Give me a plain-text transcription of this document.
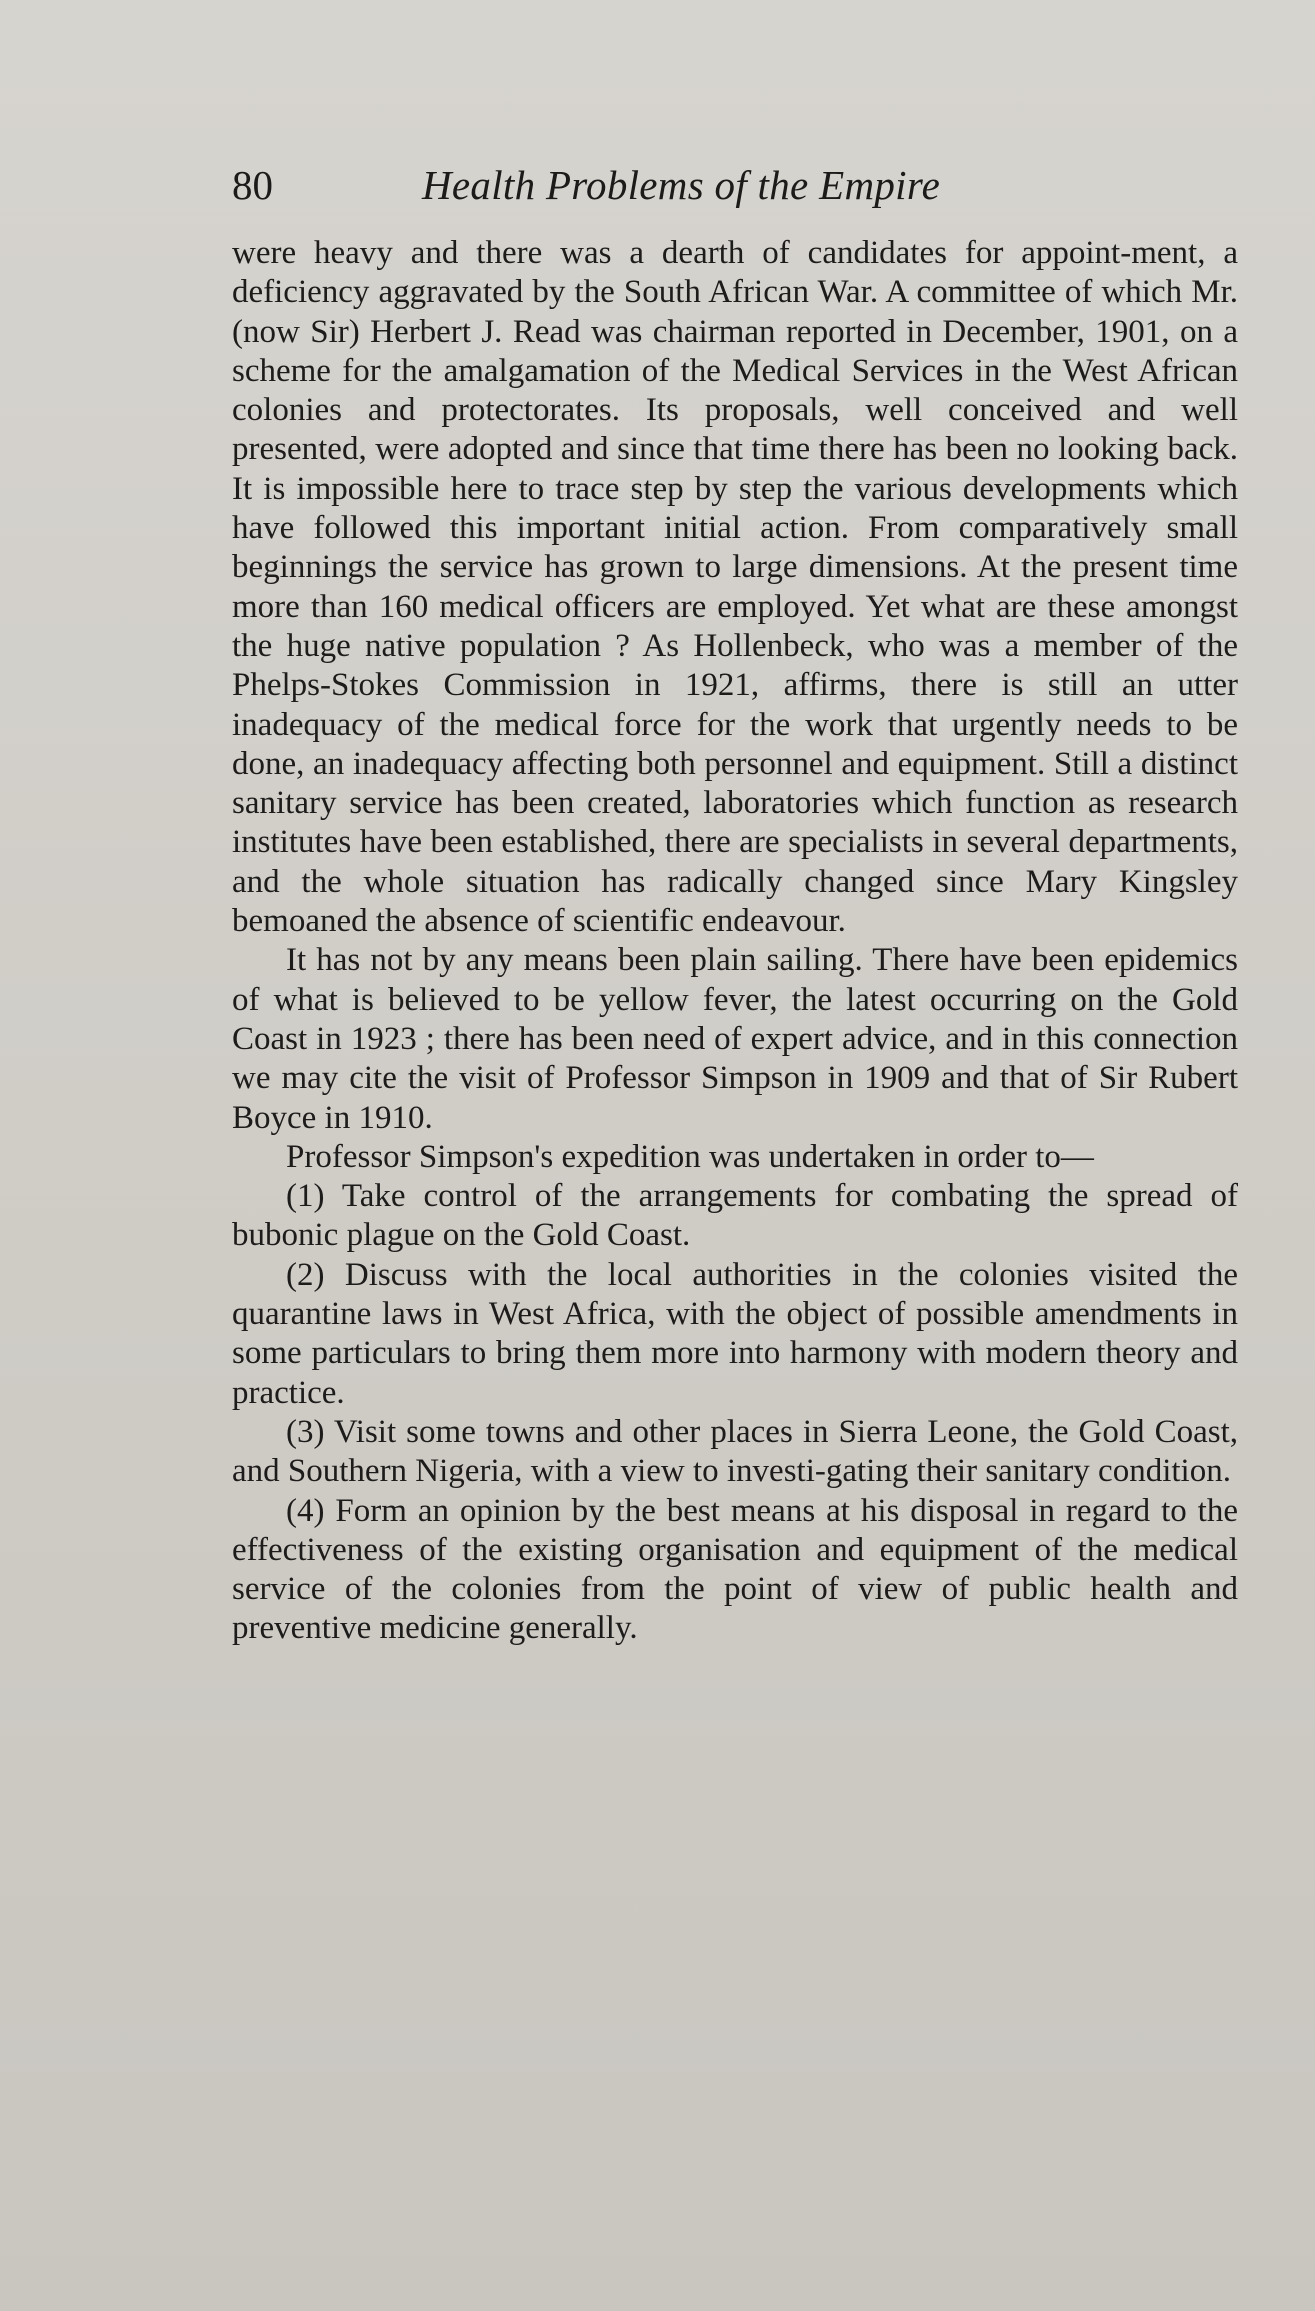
80	Health Problems of the Empire

were heavy and there was a dearth of candidates for appoint-ment, a deficiency aggravated by the South African War. A committee of which Mr. (now Sir) Herbert J. Read was chairman reported in December, 1901, on a scheme for the amalgamation of the Medical Services in the West African colonies and protectorates. Its proposals, well conceived and well presented, were adopted and since that time there has been no looking back. It is impossible here to trace step by step the various developments which have followed this important initial action. From comparatively small beginnings the service has grown to large dimensions. At the present time more than 160 medical officers are employed. Yet what are these amongst the huge native population ? As Hollenbeck, who was a member of the Phelps-Stokes Commission in 1921, affirms, there is still an utter inadequacy of the medical force for the work that urgently needs to be done, an inadequacy affecting both personnel and equipment. Still a distinct sanitary service has been created, laboratories which function as research institutes have been established, there are specialists in several departments, and the whole situation has radically changed since Mary Kingsley bemoaned the absence of scientific endeavour.

It has not by any means been plain sailing. There have been epidemics of what is believed to be yellow fever, the latest occurring on the Gold Coast in 1923 ; there has been need of expert advice, and in this connection we may cite the visit of Professor Simpson in 1909 and that of Sir Rubert Boyce in 1910.

Professor Simpson's expedition was undertaken in order to—

(1) Take control of the arrangements for combating the spread of bubonic plague on the Gold Coast.

(2) Discuss with the local authorities in the colonies visited the quarantine laws in West Africa, with the object of possible amendments in some particulars to bring them more into harmony with modern theory and practice.

(3) Visit some towns and other places in Sierra Leone, the Gold Coast, and Southern Nigeria, with a view to investi-gating their sanitary condition.

(4) Form an opinion by the best means at his disposal in regard to the effectiveness of the existing organisation and equipment of the medical service of the colonies from the point of view of public health and preventive medicine generally.
